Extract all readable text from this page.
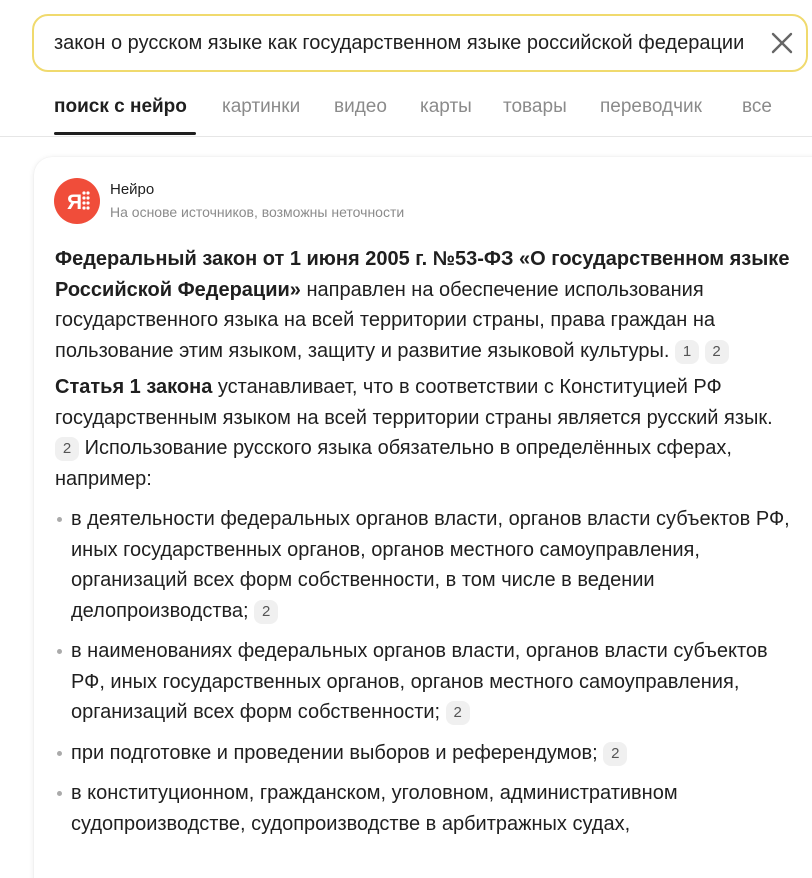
закон о русском языке как государственном языке российской федерации
поиск с нейро картинки видео карты товары переводчик все
Я
Нейро
На основе источников, возможны неточности

Федеральный закон от 1 июня 2005 г. №53-ФЗ «О государственном языке Российской Федерации» направлен на обеспечение использования государственного языка на всей территории страны, права граждан на пользование этим языком, защиту и развитие языковой культуры. 1 2

Статья 1 закона устанавливает, что в соответствии с Конституцией РФ государственным языком на всей территории страны является русский язык. 2 Использование русского языка обязательно в определённых сферах, например:

в деятельности федеральных органов власти, органов власти субъектов РФ, иных государственных органов, органов местного самоуправления, организаций всех форм собственности, в том числе в ведении делопроизводства; 2
в наименованиях федеральных органов власти, органов власти субъектов РФ, иных государственных органов, органов местного самоуправления, организаций всех форм собственности; 2
при подготовке и проведении выборов и референдумов; 2
в конституционном, гражданском, уголовном, административном судопроизводстве, судопроизводстве в арбитражных судах,
